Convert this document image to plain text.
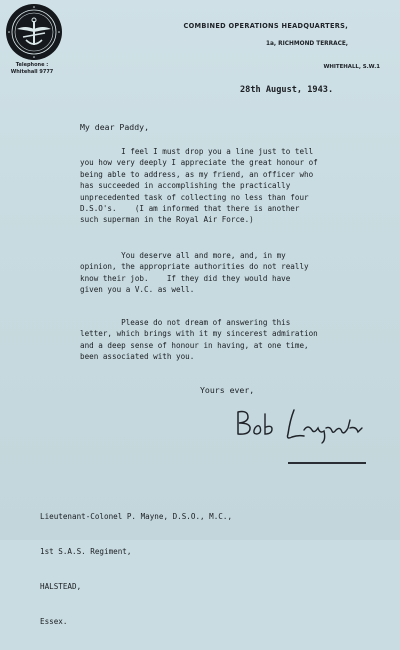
Telephone :
Whitehall 9777
COMBINED OPERATIONS HEADQUARTERS,
1a, RICHMOND TERRACE,
WHITEHALL, S.W.1
28th August, 1943.
My dear Paddy,
I feel I must drop you a line just to tell
you how very deeply I appreciate the great honour of
being able to address, as my friend, an officer who
has succeeded in accomplishing the practically
unprecedented task of collecting no less than four
D.S.O's.    (I am informed that there is another
such superman in the Royal Air Force.)
You deserve all and more, and, in my
opinion, the appropriate authorities do not really
know their job.    If they did they would have
given you a V.C. as well.
Please do not dream of answering this
letter, which brings with it my sincerest admiration
and a deep sense of honour in having, at one time,
been associated with you.
Yours ever,

Lieutenant-Colonel P. Mayne, D.S.O., M.C.,

1st S.A.S. Regiment,

HALSTEAD,

Essex.
